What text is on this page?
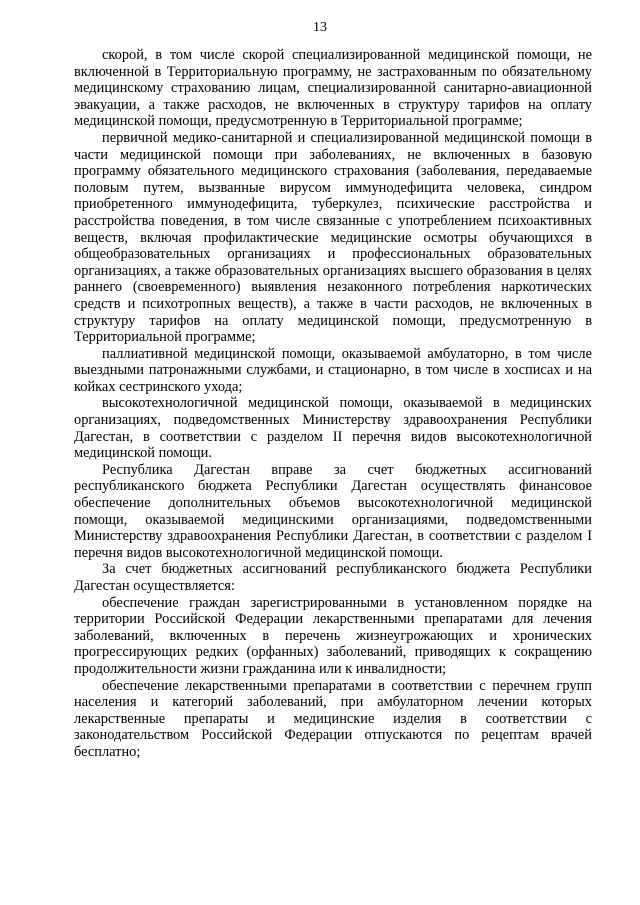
13

скорой, в том числе скорой специализированной медицинской помощи, не включенной в Территориальную программу, не застрахованным по обязательному медицинскому страхованию лицам, специализированной санитарно-авиационной эвакуации, а также расходов, не включенных в структуру тарифов на оплату медицинской помощи, предусмотренную в Территориальной программе;

первичной медико-санитарной и специализированной медицинской помощи в части медицинской помощи при заболеваниях, не включенных в базовую программу обязательного медицинского страхования (заболевания, передаваемые половым путем, вызванные вирусом иммунодефицита человека, синдром приобретенного иммунодефицита, туберкулез, психические расстройства и расстройства поведения, в том числе связанные с употреблением психоактивных веществ, включая профилактические медицинские осмотры обучающихся в общеобразовательных организациях и профессиональных образовательных организациях, а также образовательных организациях высшего образования в целях раннего (своевременного) выявления незаконного потребления наркотических средств и психотропных веществ), а также в части расходов, не включенных в структуру тарифов на оплату медицинской помощи, предусмотренную в Территориальной программе;

паллиативной медицинской помощи, оказываемой амбулаторно, в том числе выездными патронажными службами, и стационарно, в том числе в хосписах и на койках сестринского ухода;

высокотехнологичной медицинской помощи, оказываемой в медицинских организациях, подведомственных Министерству здравоохранения Республики Дагестан, в соответствии с разделом II перечня видов высокотехнологичной медицинской помощи.

Республика Дагестан вправе за счет бюджетных ассигнований республиканского бюджета Республики Дагестан осуществлять финансовое обеспечение дополнительных объемов высокотехнологичной медицинской помощи, оказываемой медицинскими организациями, подведомственными Министерству здравоохранения Республики Дагестан, в соответствии с разделом I перечня видов высокотехнологичной медицинской помощи.

За счет бюджетных ассигнований республиканского бюджета Республики Дагестан осуществляется:

обеспечение граждан зарегистрированными в установленном порядке на территории Российской Федерации лекарственными препаратами для лечения заболеваний, включенных в перечень жизнеугрожающих и хронических прогрессирующих редких (орфанных) заболеваний, приводящих к сокращению продолжительности жизни гражданина или к инвалидности;

обеспечение лекарственными препаратами в соответствии с перечнем групп населения и категорий заболеваний, при амбулаторном лечении которых лекарственные препараты и медицинские изделия в соответствии с законодательством Российской Федерации отпускаются по рецептам врачей бесплатно;
